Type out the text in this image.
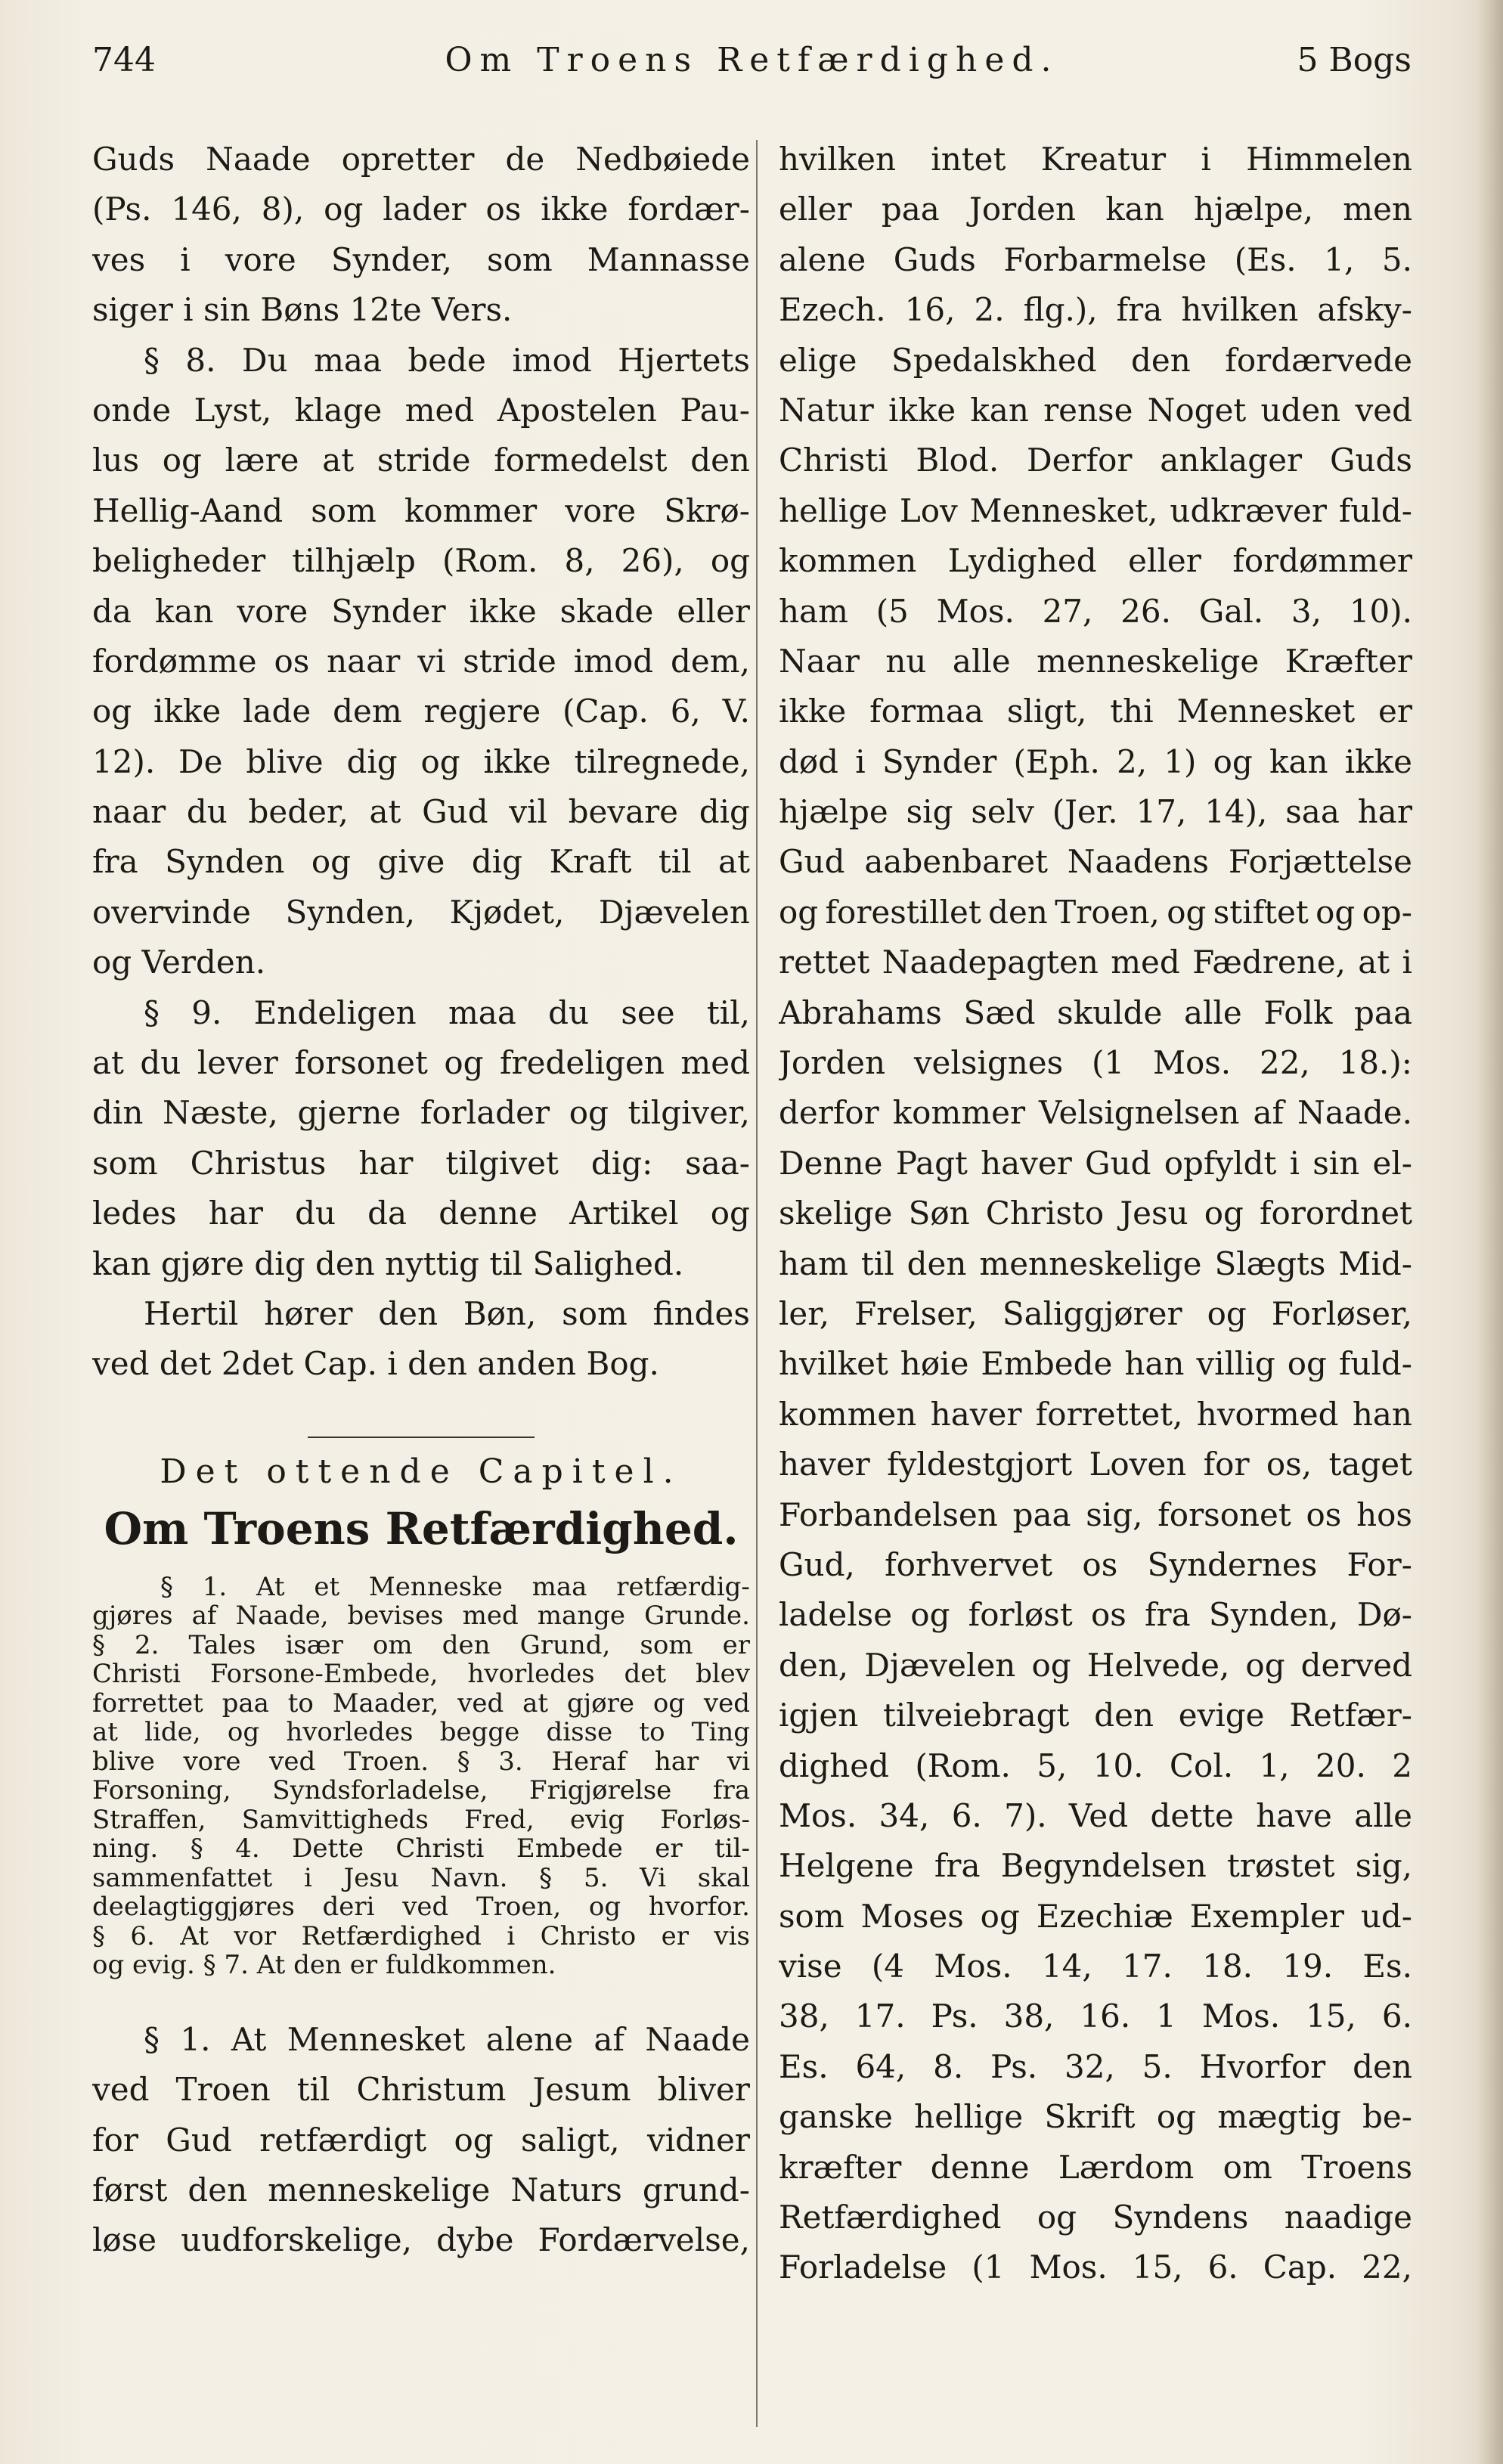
744	Om Troens Retfærdighed.	5 Bogs
Guds Naade opretter de Nedbøiede
(Ps. 146, 8), og lader os ikke fordær-
ves i vore Synder, som Mannasse
siger
i
sin
Bøns
12te
Vers.
§ 8. Du maa bede imod Hjertets
onde Lyst, klage med Apostelen Pau-
lus og lære at stride formedelst den
Hellig-Aand som kommer vore Skrø-
beligheder tilhjælp (Rom. 8, 26), og
da kan vore Synder ikke skade eller
fordømme os naar vi stride imod dem,
og ikke lade dem regjere (Cap. 6, V.
12). De blive dig og ikke tilregnede,
naar du beder, at Gud vil bevare dig
fra Synden og give dig Kraft til at
overvinde Synden, Kjødet, Djævelen
og
Verden.
§ 9. Endeligen maa du see til,
at du lever forsonet og fredeligen med
din Næste, gjerne forlader og tilgiver,
som Christus har tilgivet dig: saa-
ledes har du da denne Artikel og
kan
gjøre
dig
den
nyttig
til
Salighed.
Hertil hører den Bøn, som findes
ved
det
2det
Cap.
i
den
anden
Bog.
Det ottende Capitel.
Om Troens Retfærdighed.
§ 1. At et Menneske maa retfærdig-
gjøres af Naade, bevises med mange Grunde.
§ 2. Tales især om den Grund, som er
Christi Forsone-Embede, hvorledes det blev
forrettet paa to Maader, ved at gjøre og ved
at lide, og hvorledes begge disse to Ting
blive vore ved Troen. § 3. Heraf har vi
Forsoning, Syndsforladelse, Frigjørelse fra
Straffen, Samvittigheds Fred, evig Forløs-
ning. § 4. Dette Christi Embede er til-
sammenfattet i Jesu Navn. § 5. Vi skal
deelagtiggjøres deri ved Troen, og hvorfor.
§ 6. At vor Retfærdighed i Christo er vis
og
evig.
§
7.
At
den
er
fuldkommen.
§ 1. At Mennesket alene af Naade
ved Troen til Christum Jesum bliver
for Gud retfærdigt og saligt, vidner
først den menneskelige Naturs grund-
løse uudforskelige, dybe Fordærvelse,
hvilken intet Kreatur i Himmelen
eller paa Jorden kan hjælpe, men
alene Guds Forbarmelse (Es. 1, 5.
Ezech. 16, 2. flg.), fra hvilken afsky-
elige Spedalskhed den fordærvede
Natur ikke kan rense Noget uden ved
Christi Blod. Derfor anklager Guds
hellige Lov Mennesket, udkræver fuld-
kommen Lydighed eller fordømmer
ham (5 Mos. 27, 26. Gal. 3, 10).
Naar nu alle menneskelige Kræfter
ikke formaa sligt, thi Mennesket er
død i Synder (Eph. 2, 1) og kan ikke
hjælpe sig selv (Jer. 17, 14), saa har
Gud aabenbaret Naadens Forjættelse
og forestillet den Troen, og stiftet og op-
rettet Naadepagten med Fædrene, at i
Abrahams Sæd skulde alle Folk paa
Jorden velsignes (1 Mos. 22, 18.):
derfor kommer Velsignelsen af Naade.
Denne Pagt haver Gud opfyldt i sin el-
skelige Søn Christo Jesu og forordnet
ham til den menneskelige Slægts Mid-
ler, Frelser, Saliggjører og Forløser,
hvilket høie Embede han villig og fuld-
kommen haver forrettet, hvormed han
haver fyldestgjort Loven for os, taget
Forbandelsen paa sig, forsonet os hos
Gud, forhvervet os Syndernes For-
ladelse og forløst os fra Synden, Dø-
den, Djævelen og Helvede, og derved
igjen tilveiebragt den evige Retfær-
dighed (Rom. 5, 10. Col. 1, 20. 2
Mos. 34, 6. 7). Ved dette have alle
Helgene fra Begyndelsen trøstet sig,
som Moses og Ezechiæ Exempler ud-
vise (4 Mos. 14, 17. 18. 19. Es.
38, 17. Ps. 38, 16. 1 Mos. 15, 6.
Es. 64, 8. Ps. 32, 5. Hvorfor den
ganske hellige Skrift og mægtig be-
kræfter denne Lærdom om Troens
Retfærdighed og Syndens naadige
Forladelse (1 Mos. 15, 6. Cap. 22,
